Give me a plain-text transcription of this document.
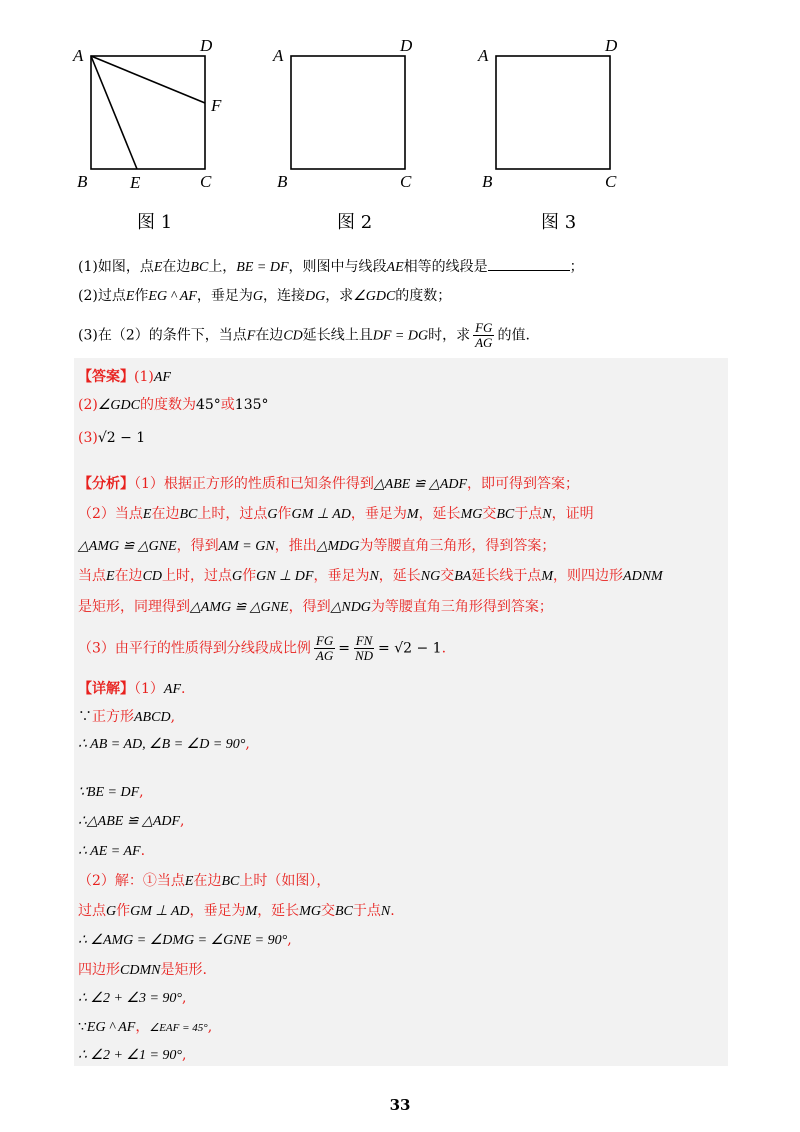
A
D
B	C
E
F
A
D
B	C
A
D
B	C
图 1	图 2	图 3
(1)如图，点E在边BC上，BE = DF，则图中与线段AE相等的线段是	；
(2)过点E作EG ^ AF，垂足为G，连接DG，求∠GDC的度数；
(3)在（2）的条件下，当点F在边CD延长线上且DF = DG时，求 $\frac{FG}{AG}$ 的值.
【答案】(1)AF
(2)∠GDC的度数为45°或135°
(3)√2 − 1
【分析】（1）根据正方形的性质和已知条件得到△ABE ≌ △ADF，即可得到答案；
（2）当点E在边BC上时，过点G作GM ⊥ AD，垂足为M，延长MG交BC于点N，证明
△AMG ≌ △GNE，得到AM = GN，推出△MDG为等腰直角三角形，得到答案；
当点E在边CD上时，过点G作GN ⊥ DF，垂足为N，延长NG交BA延长线于点M，则四边形ADNM
是矩形，同理得到△AMG ≌ △GNE，得到△NDG为等腰直角三角形得到答案；
（3）由平行的性质得到分线段成比例 $\frac{FG}{AG} = \frac{FN}{ND} = √2 - 1$.
【详解】（1）AF.
∵正方形ABCD,
∴ AB = AD, ∠B = ∠D = 90°,
∵BE = DF,
∴△ABE ≌ △ADF,
∴ AE = AF.
（2）解：①当点E在边BC上时（如图），
过点G作GM ⊥ AD，垂足为M，延长MG交BC于点N.
∴ ∠AMG = ∠DMG = ∠GNE = 90°,
四边形CDMN是矩形.
∴ ∠2 + ∠3 = 90°,
∵EG ^ AF，∠EAF = 45°,
∴ ∠2 + ∠1 = 90°,
33
